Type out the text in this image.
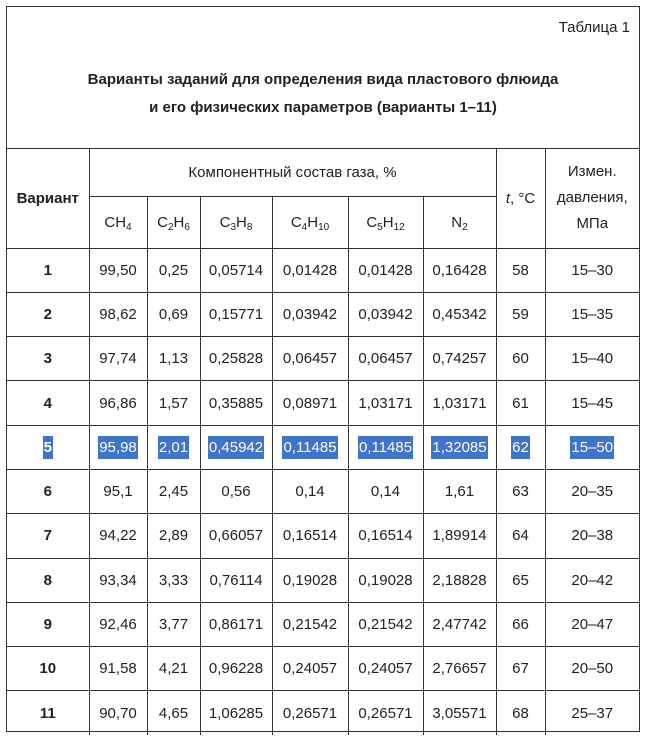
Таблица 1
Варианты заданий для определения вида пластового флюида
и его физических параметров (варианты 1–11)
Вариант	Компонентный состав газа, %						t, °С	Измен.
давления,
МПа

	$CH_4$	$C_2H_6$	$C_3H_8$	$C_4H_{10}$	$C_5H_{12}$	$N_2$
1	99,50	0,25	0,05714	0,01428	0,01428	0,16428	58	15–30
2	98,62	0,69	0,15771	0,03942	0,03942	0,45342	59	15–35
3	97,74	1,13	0,25828	0,06457	0,06457	0,74257	60	15–40
4	96,86	1,57	0,35885	0,08971	1,03171	1,03171	61	15–45
5	95,98	2,01	0,45942	0,11485	0,11485	1,32085	62	15–50
6	95,1	2,45	0,56	0,14	0,14	1,61	63	20–35
7	94,22	2,89	0,66057	0,16514	0,16514	1,89914	64	20–38
8	93,34	3,33	0,76114	0,19028	0,19028	2,18828	65	20–42
9	92,46	3,77	0,86171	0,21542	0,21542	2,47742	66	20–47
10	91,58	4,21	0,96228	0,24057	0,24057	2,76657	67	20–50
11	90,70	4,65	1,06285	0,26571	0,26571	3,05571	68	25–37
